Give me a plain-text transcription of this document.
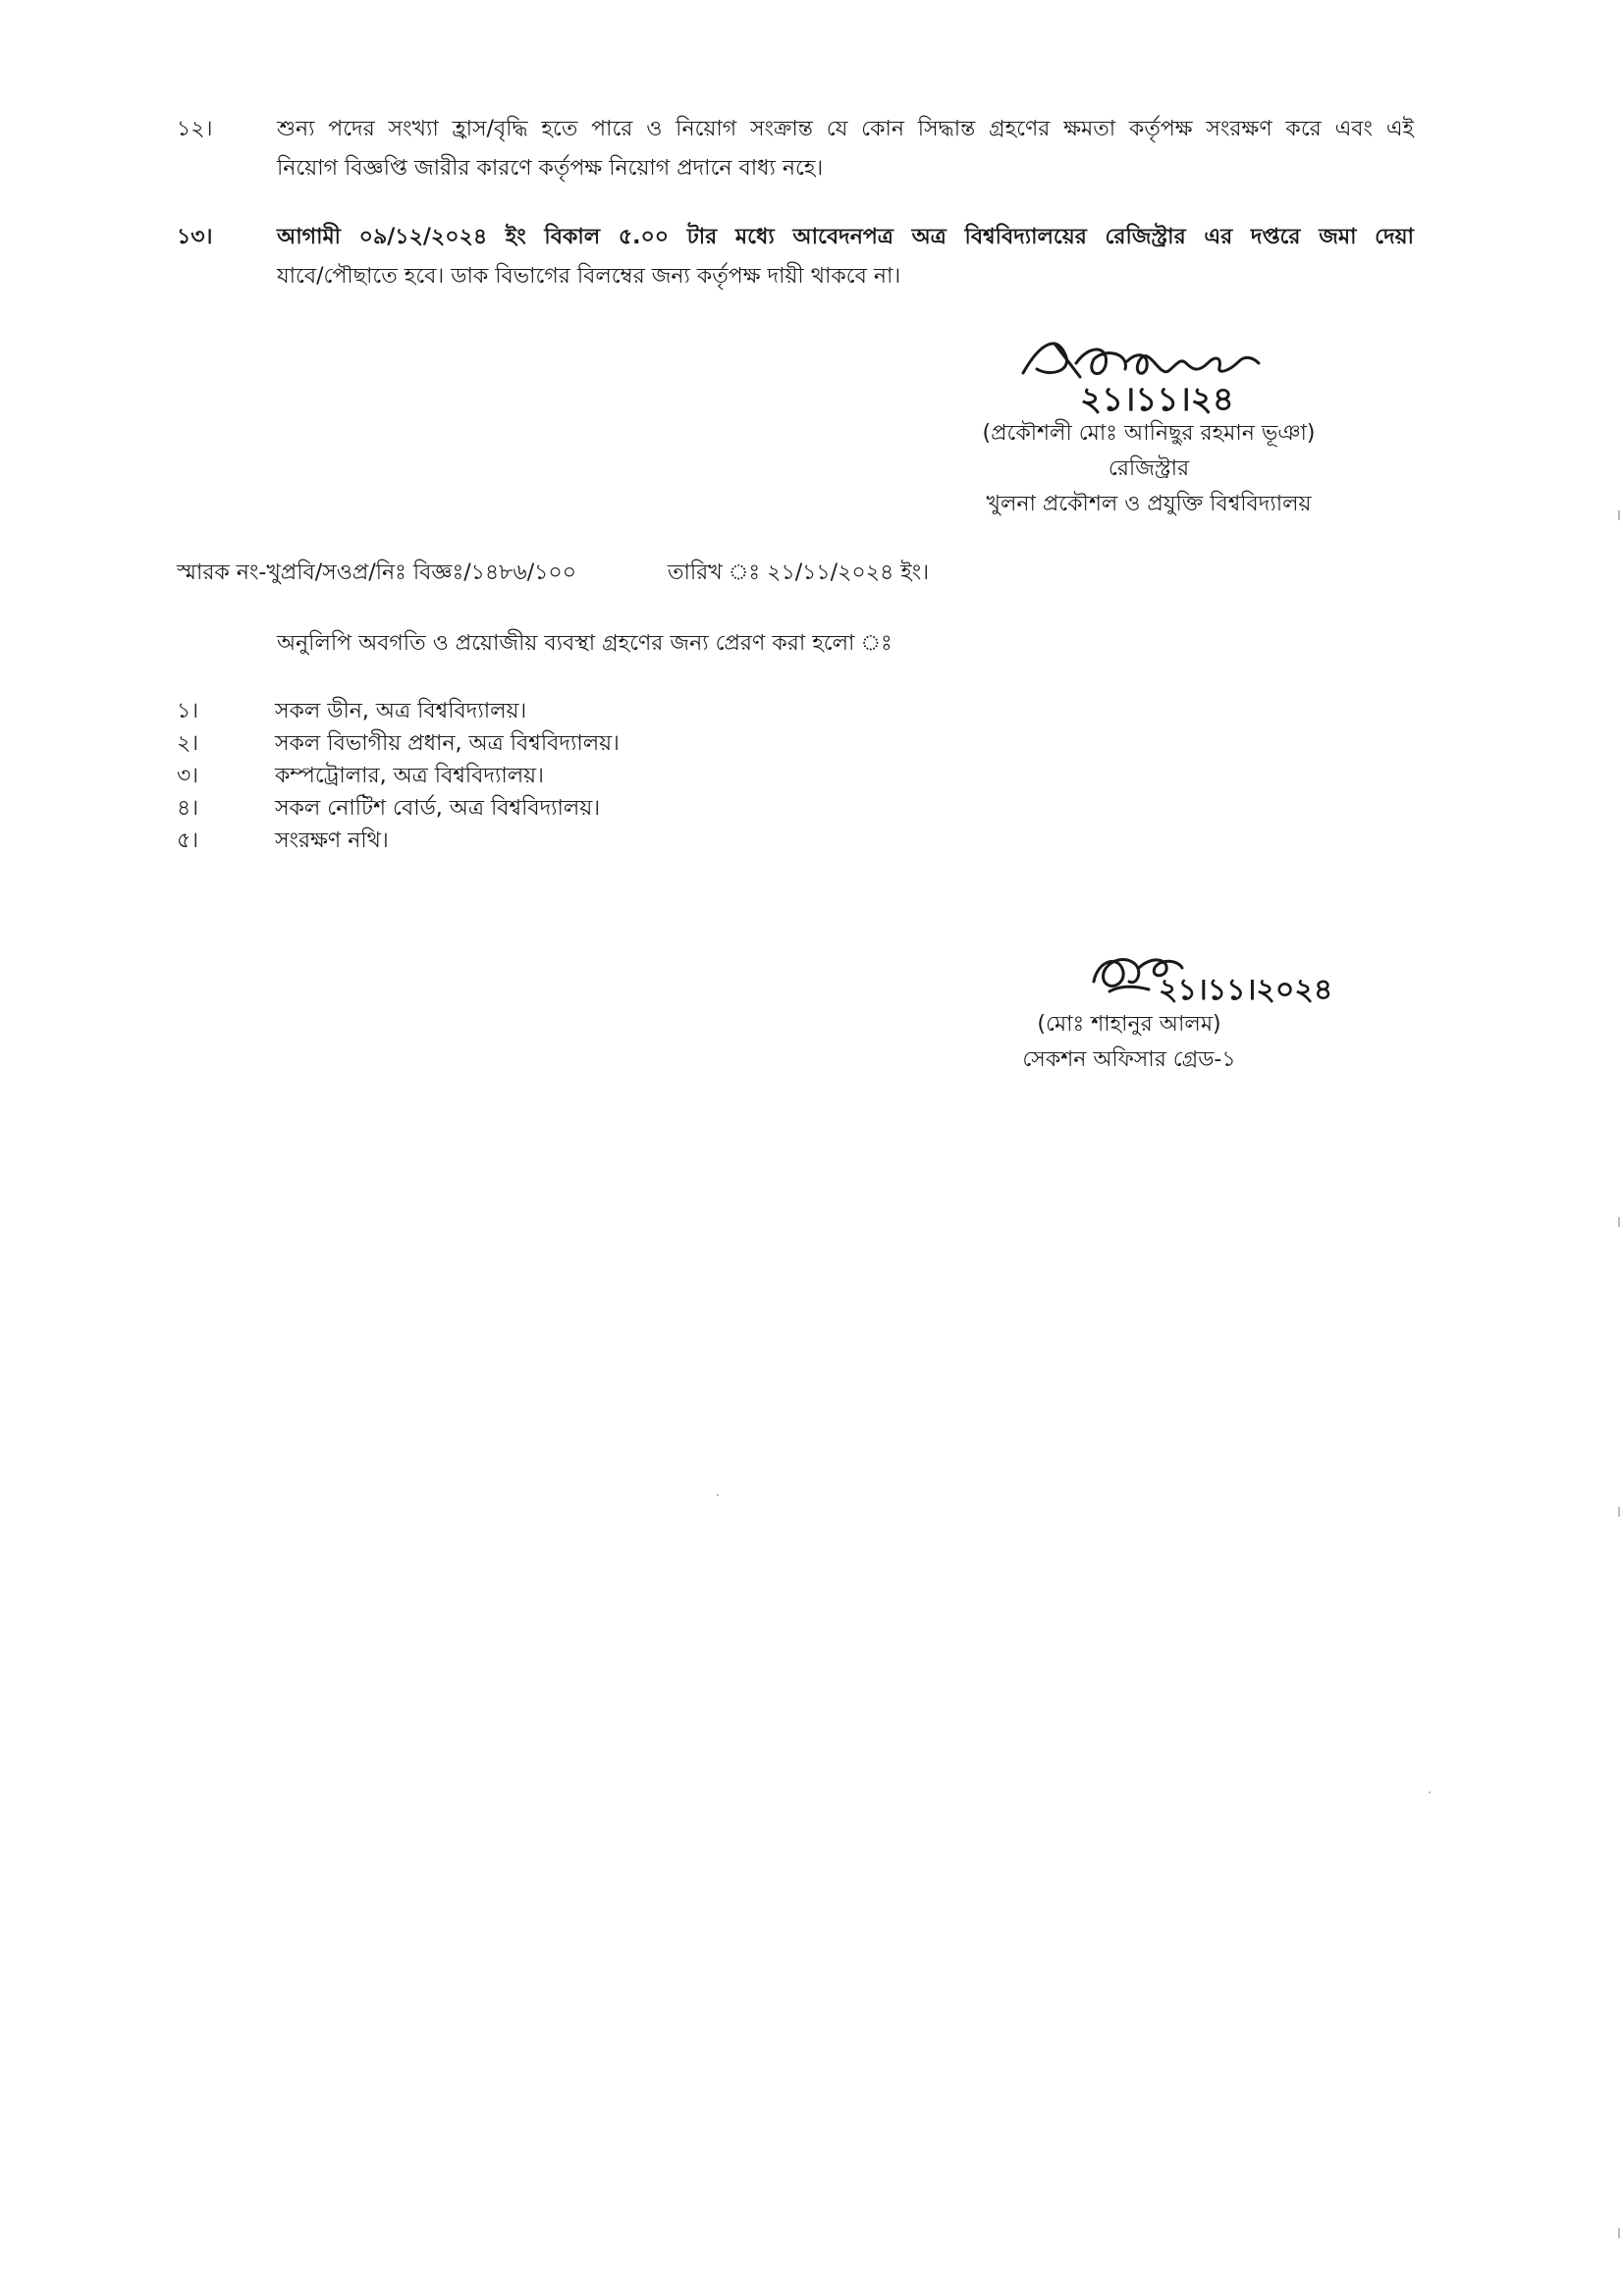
১২।	শুন্য পদের সংখ্যা হ্রাস/বৃদ্ধি হতে পারে ও নিয়োগ সংক্রান্ত যে কোন সিদ্ধান্ত গ্রহণের ক্ষমতা কর্তৃপক্ষ সংরক্ষণ করে এবং এই
নিয়োগ বিজ্ঞপ্তি জারীর কারণে কর্তৃপক্ষ নিয়োগ প্রদানে বাধ্য নহে।
১৩।	আগামী ০৯/১২/২০২৪ ইং বিকাল ৫.০০ টার মধ্যে আবেদনপত্র অত্র বিশ্ববিদ্যালয়ের রেজিস্ট্রার এর দপ্তরে জমা দেয়া
যাবে/পৌছাতে হবে। ডাক বিভাগের বিলম্বের জন্য কর্তৃপক্ষ দায়ী থাকবে না।
২১।১১।২৪
(প্রকৌশলী মোঃ আনিছুর রহমান ভূঞা)
রেজিস্ট্রার
খুলনা প্রকৌশল ও প্রযুক্তি বিশ্ববিদ্যালয়
স্মারক নং-খুপ্রবি/সওপ্র/নিঃ বিজ্ঞঃ/১৪৮৬/১০০	তারিখ ঃ ২১/১১/২০২৪ ইং।
অনুলিপি অবগতি ও প্রয়োজীয় ব্যবস্থা গ্রহণের জন্য প্রেরণ করা হলো ঃ
১।	সকল ডীন, অত্র বিশ্ববিদ্যালয়।
২।	সকল বিভাগীয় প্রধান, অত্র বিশ্ববিদ্যালয়।
৩।	কম্পট্রোলার, অত্র বিশ্ববিদ্যালয়।
৪।	সকল নোটিশ বোর্ড, অত্র বিশ্ববিদ্যালয়।
৫।	সংরক্ষণ নথি।
২১।১১।২০২৪
(মোঃ শাহানুর আলম)
সেকশন অফিসার গ্রেড-১
